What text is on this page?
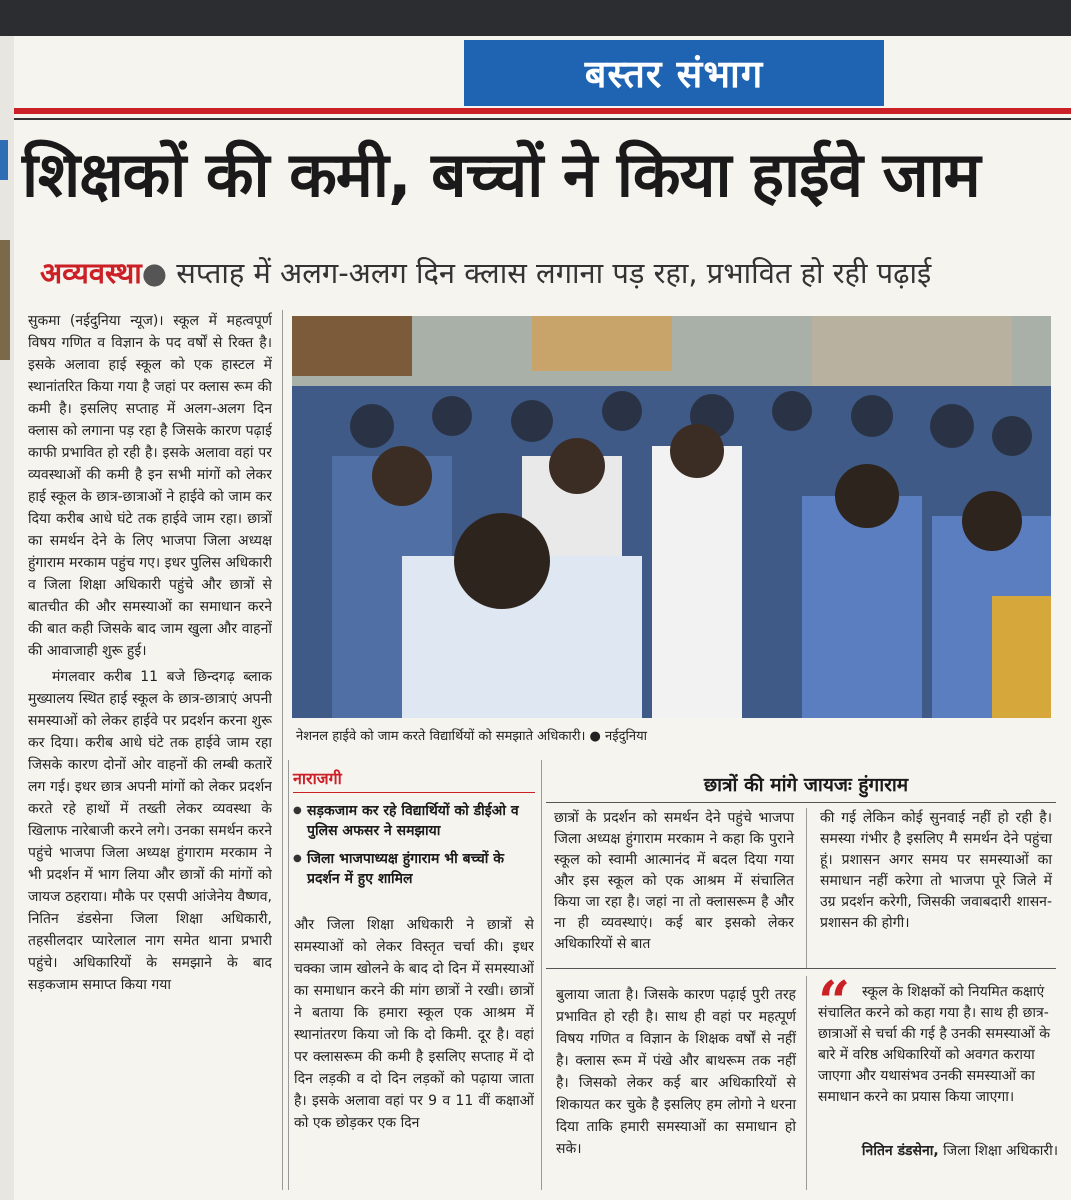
बस्तर संभाग
शिक्षकों की कमी, बच्चों ने किया हाईवे जाम
अव्यवस्था● सप्ताह में अलग-अलग दिन क्लास लगाना पड़ रहा, प्रभावित हो रही पढ़ाई

सुकमा (नईदुनिया न्यूज)। स्कूल में महत्वपूर्ण विषय गणित व विज्ञान के पद वर्षों से रिक्त है। इसके अलावा हाई स्कूल को एक हास्टल में स्थानांतरित किया गया है जहां पर क्लास रूम की कमी है। इसलिए सप्ताह में अलग-अलग दिन क्लास को लगाना पड़ रहा है जिसके कारण पढ़ाई काफी प्रभावित हो रही है। इसके अलावा वहां पर व्यवस्थाओं की कमी है इन सभी मांगों को लेकर हाई स्कूल के छात्र-छात्राओं ने हाईवे को जाम कर दिया करीब आधे घंटे तक हाईवे जाम रहा। छात्रों का समर्थन देने के लिए भाजपा जिला अध्यक्ष हुंगाराम मरकाम पहुंच गए। इधर पुलिस अधिकारी व जिला शिक्षा अधिकारी पहुंचे और छात्रों से बातचीत की और समस्याओं का समाधान करने की बात कही जिसके बाद जाम खुला और वाहनों की आवाजाही शुरू हुई।

मंगलवार करीब 11 बजे छिन्दगढ़ ब्लाक मुख्यालय स्थित हाई स्कूल के छात्र-छात्राएं अपनी समस्याओं को लेकर हाईवे पर प्रदर्शन करना शुरू कर दिया। करीब आधे घंटे तक हाईवे जाम रहा जिसके कारण दोनों ओर वाहनों की लम्बी कतारें लग गई। इधर छात्र अपनी मांगों को लेकर प्रदर्शन करते रहे हाथों में तख्ती लेकर व्यवस्था के खिलाफ नारेबाजी करने लगे। उनका समर्थन करने पहुंचे भाजपा जिला अध्यक्ष हुंगाराम मरकाम ने भी प्रदर्शन में भाग लिया और छात्रों की मांगों को जायज ठहराया। मौके पर एसपी आंजेनेय वैष्णव, नितिन डंडसेना जिला शिक्षा अधिकारी, तहसीलदार प्यारेलाल नाग समेत थाना प्रभारी पहुंचे। अधिकारियों के समझाने के बाद सड़कजाम समाप्त किया गया

नेशनल हाईवे को जाम करते विद्यार्थियों को समझाते अधिकारी। ● नईदुनिया
नाराजगी
● सड़कजाम कर रहे विद्यार्थियों को डीईओ व पुलिस अफसर ने समझाया
● जिला भाजपाध्यक्ष हुंगाराम भी बच्चों के प्रदर्शन में हुए शामिल

और जिला शिक्षा अधिकारी ने छात्रों से समस्याओं को लेकर विस्तृत चर्चा की। इधर चक्का जाम खोलने के बाद दो दिन में समस्याओं का समाधान करने की मांग छात्रों ने रखी। छात्रों ने बताया कि हमारा स्कूल एक आश्रम में स्थानांतरण किया जो कि दो किमी. दूर है। वहां पर क्लासरूम की कमी है इसलिए सप्ताह में दो दिन लड़की व दो दिन लड़कों को पढ़ाया जाता है। इसके अलावा वहां पर 9 व 11 वीं कक्षाओं को एक छोड़कर एक दिन

छात्रों की मांगे जायजः हुंगाराम
छात्रों के प्रदर्शन को समर्थन देने पहुंचे भाजपा जिला अध्यक्ष हुंगाराम मरकाम ने कहा कि पुराने स्कूल को स्वामी आत्मानंद में बदल दिया गया और इस स्कूल को एक आश्रम में संचालित किया जा रहा है। जहां ना तो क्लासरूम है और ना ही व्यवस्थाएं। कई बार इसको लेकर अधिकारियों से बात
की गई लेकिन कोई सुनवाई नहीं हो रही है। समस्या गंभीर है इसलिए मै समर्थन देने पहुंचा हूं। प्रशासन अगर समय पर समस्याओं का समाधान नहीं करेगा तो भाजपा पूरे जिले में उग्र प्रदर्शन करेगी, जिसकी जवाबदारी शासन-प्रशासन की होगी।
बुलाया जाता है। जिसके कारण पढ़ाई पुरी तरह प्रभावित हो रही है। साथ ही वहां पर महत्पूर्ण विषय गणित व विज्ञान के शिक्षक वर्षों से नहीं है। क्लास रूम में पंखे और बाथरूम तक नहीं है। जिसको लेकर कई बार अधिकारियों से शिकायत कर चुके है इसलिए हम लोगो ने धरना दिया ताकि हमारी समस्याओं का समाधान हो सके।
“ स्कूल के शिक्षकों को नियमित कक्षाएं संचालित करने को कहा गया है। साथ ही छात्र-छात्राओं से चर्चा की गई है उनकी समस्याओं के बारे में वरिष्ठ अधिकारियों को अवगत कराया जाएगा और यथासंभव उनकी समस्याओं का समाधान करने का प्रयास किया जाएगा।
नितिन डंडसेना, जिला शिक्षा अधिकारी।
